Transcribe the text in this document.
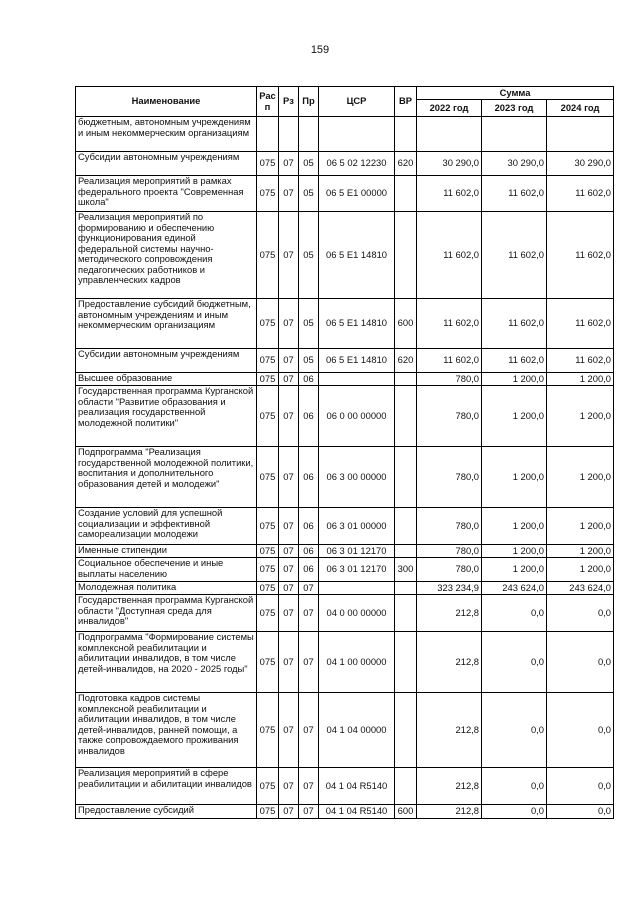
159
Наименование	Рас п	Рз	Пр	ЦСР	ВР	Сумма		
						2022 год	2023 год	2024 год
бюджетным, автономным учреждениям и иным некоммерческим организациям								
Субсидии автономным учреждениям	075	07	05	06 5 02 12230	620	30 290,0	30 290,0	30 290,0
Реализация мероприятий в рамках федерального проекта "Современная школа"	075	07	05	06 5 E1 00000		11 602,0	11 602,0	11 602,0
Реализация мероприятий по формированию и обеспечению функционирования единой федеральной системы научно-методического сопровождения педагогических работников и управленческих кадров	075	07	05	06 5 E1 14810		11 602,0	11 602,0	11 602,0
Предоставление субсидий бюджетным, автономным учреждениям и иным некоммерческим организациям	075	07	05	06 5 E1 14810	600	11 602,0	11 602,0	11 602,0
Субсидии автономным учреждениям	075	07	05	06 5 E1 14810	620	11 602,0	11 602,0	11 602,0
Высшее образование	075	07	06			780,0	1 200,0	1 200,0
Государственная программа Курганской области "Развитие образования и реализация государственной молодежной политики"	075	07	06	06 0 00 00000		780,0	1 200,0	1 200,0
Подпрограмма "Реализация государственной молодежной политики, воспитания и дополнительного образования детей и молодежи"	075	07	06	06 3 00 00000		780,0	1 200,0	1 200,0
Создание условий для успешной социализации и эффективной самореализации молодежи	075	07	06	06 3 01 00000		780,0	1 200,0	1 200,0
Именные стипендии	075	07	06	06 3 01 12170		780,0	1 200,0	1 200,0
Социальное обеспечение и иные выплаты населению	075	07	06	06 3 01 12170	300	780,0	1 200,0	1 200,0
Молодежная политика	075	07	07			323 234,9	243 624,0	243 624,0
Государственная программа Курганской области "Доступная среда для инвалидов"	075	07	07	04 0 00 00000		212,8	0,0	0,0
Подпрограмма "Формирование системы комплексной реабилитации и абилитации инвалидов, в том числе детей-инвалидов, на 2020 - 2025 годы"	075	07	07	04 1 00 00000		212,8	0,0	0,0
Подготовка кадров системы комплексной реабилитации и абилитации инвалидов, в том числе детей-инвалидов, ранней помощи, а также сопровождаемого проживания инвалидов	075	07	07	04 1 04 00000		212,8	0,0	0,0
Реализация мероприятий в сфере реабилитации и абилитации инвалидов	075	07	07	04 1 04 R5140		212,8	0,0	0,0
Предоставление субсидий	075	07	07	04 1 04 R5140	600	212,8	0,0	0,0
